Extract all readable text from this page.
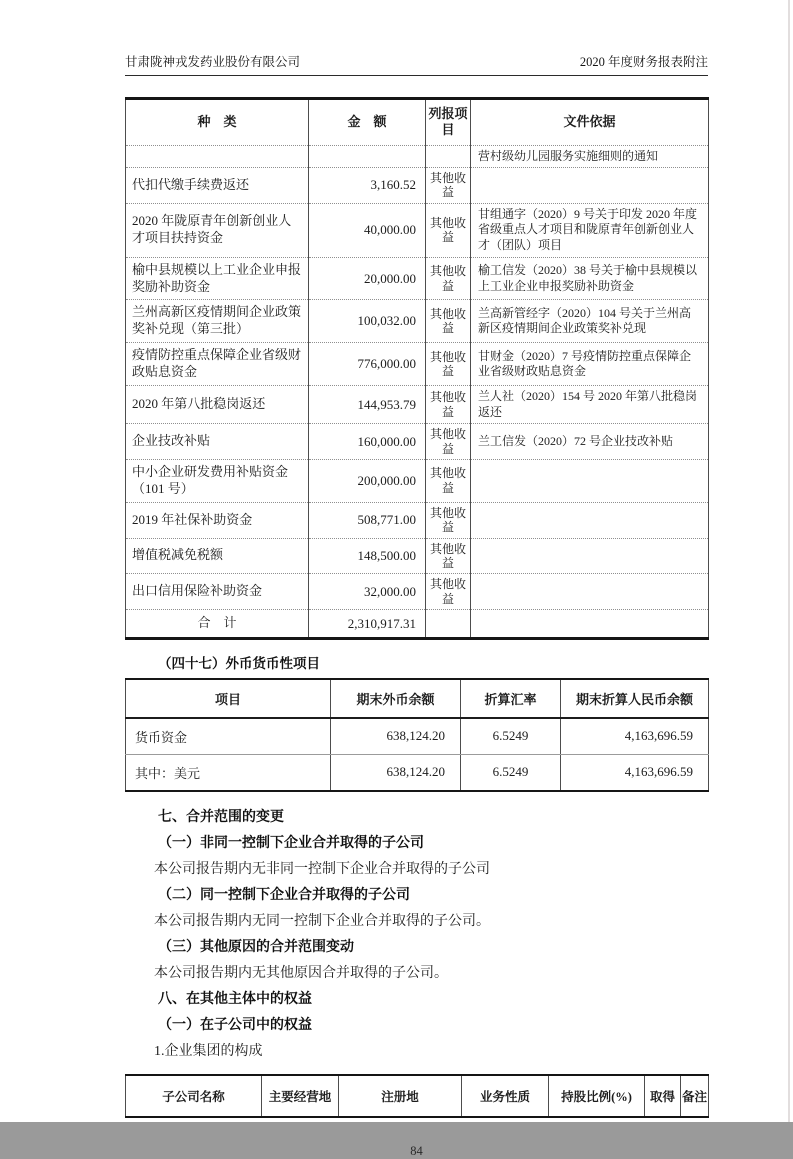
甘肃陇神戎发药业股份有限公司	2020 年度财务报表附注
种　类	金　额	列报项目	文件依据
			营村级幼儿园服务实施细则的通知
代扣代缴手续费返还	3,160.52	其他收益	
2020 年陇原青年创新创业人才项目扶持资金	40,000.00	其他收益	甘组通字（2020）9 号关于印发 2020 年度省级重点人才项目和陇原青年创新创业人才（团队）项目
榆中县规模以上工业企业申报奖励补助资金	20,000.00	其他收益	榆工信发（2020）38 号关于榆中县规模以上工业企业申报奖励补助资金
兰州高新区疫情期间企业政策奖补兑现（第三批）	100,032.00	其他收益	兰高新管经字（2020）104 号关于兰州高新区疫情期间企业政策奖补兑现
疫情防控重点保障企业省级财政贴息资金	776,000.00	其他收益	甘财金（2020）7 号疫情防控重点保障企业省级财政贴息资金
2020 年第八批稳岗返还	144,953.79	其他收益	兰人社（2020）154 号 2020 年第八批稳岗返还
企业技改补贴	160,000.00	其他收益	兰工信发（2020）72 号企业技改补贴
中小企业研发费用补贴资金（101 号）	200,000.00	其他收益	
2019 年社保补助资金	508,771.00	其他收益	
增值税减免税额	148,500.00	其他收益	
出口信用保险补助资金	32,000.00	其他收益	
合　计	2,310,917.31		
（四十七）外币货币性项目
项目	期末外币余额	折算汇率	期末折算人民币余额
货币资金	638,124.20	6.5249	4,163,696.59
其中：美元	638,124.20	6.5249	4,163,696.59
七、合并范围的变更
（一）非同一控制下企业合并取得的子公司
本公司报告期内无非同一控制下企业合并取得的子公司
（二）同一控制下企业合并取得的子公司
本公司报告期内无同一控制下企业合并取得的子公司。
（三）其他原因的合并范围变动
本公司报告期内无其他原因合并取得的子公司。
八、在其他主体中的权益
（一）在子公司中的权益
1.企业集团的构成
子公司名称	主要经营地	注册地	业务性质	持股比例(%)	取得	备注
84
